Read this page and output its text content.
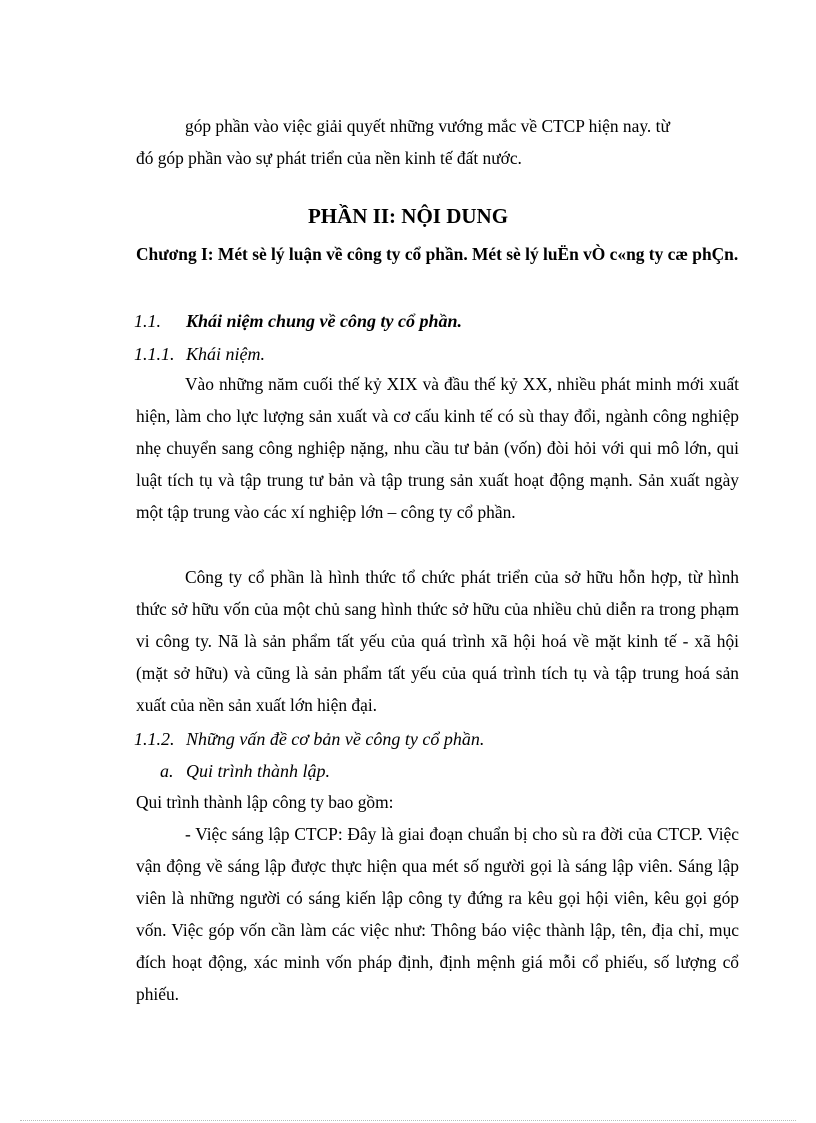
góp phần vào việc giải quyết những vướng mắc về CTCP hiện nay. từ
đó góp phần vào sự phát triển của nền kinh tế đất nước.
PHẦN II: NỘI DUNG
Chương I: Mét sè lý luận về công ty cổ phần. Mét sè lý luËn vÒ c«ng ty cæ phÇn.
1.1. Khái niệm chung về công ty cổ phần.
1.1.1. Khái niệm.
Vào những năm cuối thế kỷ XIX và đầu thế kỷ XX, nhiều phát minh mới xuất hiện, làm cho lực lượng sản xuất và cơ cấu kinh tế có sù thay đổi, ngành công nghiệp nhẹ chuyển sang công nghiệp nặng, nhu cầu tư bản (vốn) đòi hỏi với qui mô lớn, qui luật tích tụ và tập trung tư bản và tập trung sản xuất hoạt động mạnh. Sản xuất ngày một tập trung vào các xí nghiệp lớn – công ty cổ phần.
Công ty cổ phần là hình thức tổ chức phát triển của sở hữu hỗn hợp, từ hình thức sở hữu vốn của một chủ sang hình thức sở hữu của nhiều chủ diễn ra trong phạm vi công ty. Nã là sản phẩm tất yếu của quá trình xã hội hoá về mặt kinh tế - xã hội (mặt sở hữu) và cũng là sản phẩm tất yếu của quá trình tích tụ và tập trung hoá sản xuất của nền sản xuất lớn hiện đại.
1.1.2. Những vấn đề cơ bản về công ty cổ phần.
a. Qui trình thành lập.
Qui trình thành lập công ty bao gồm:
- Việc sáng lập CTCP: Đây là giai đoạn chuẩn bị cho sù ra đời của CTCP. Việc vận động về sáng lập được thực hiện qua mét số người gọi là sáng lập viên. Sáng lập viên là những người có sáng kiến lập công ty đứng ra kêu gọi hội viên, kêu gọi góp vốn. Việc góp vốn cần làm các việc như: Thông báo việc thành lập, tên, địa chỉ, mục đích hoạt động, xác minh vốn pháp định, định mệnh giá mỗi cổ phiếu, số lượng cổ phiếu.
